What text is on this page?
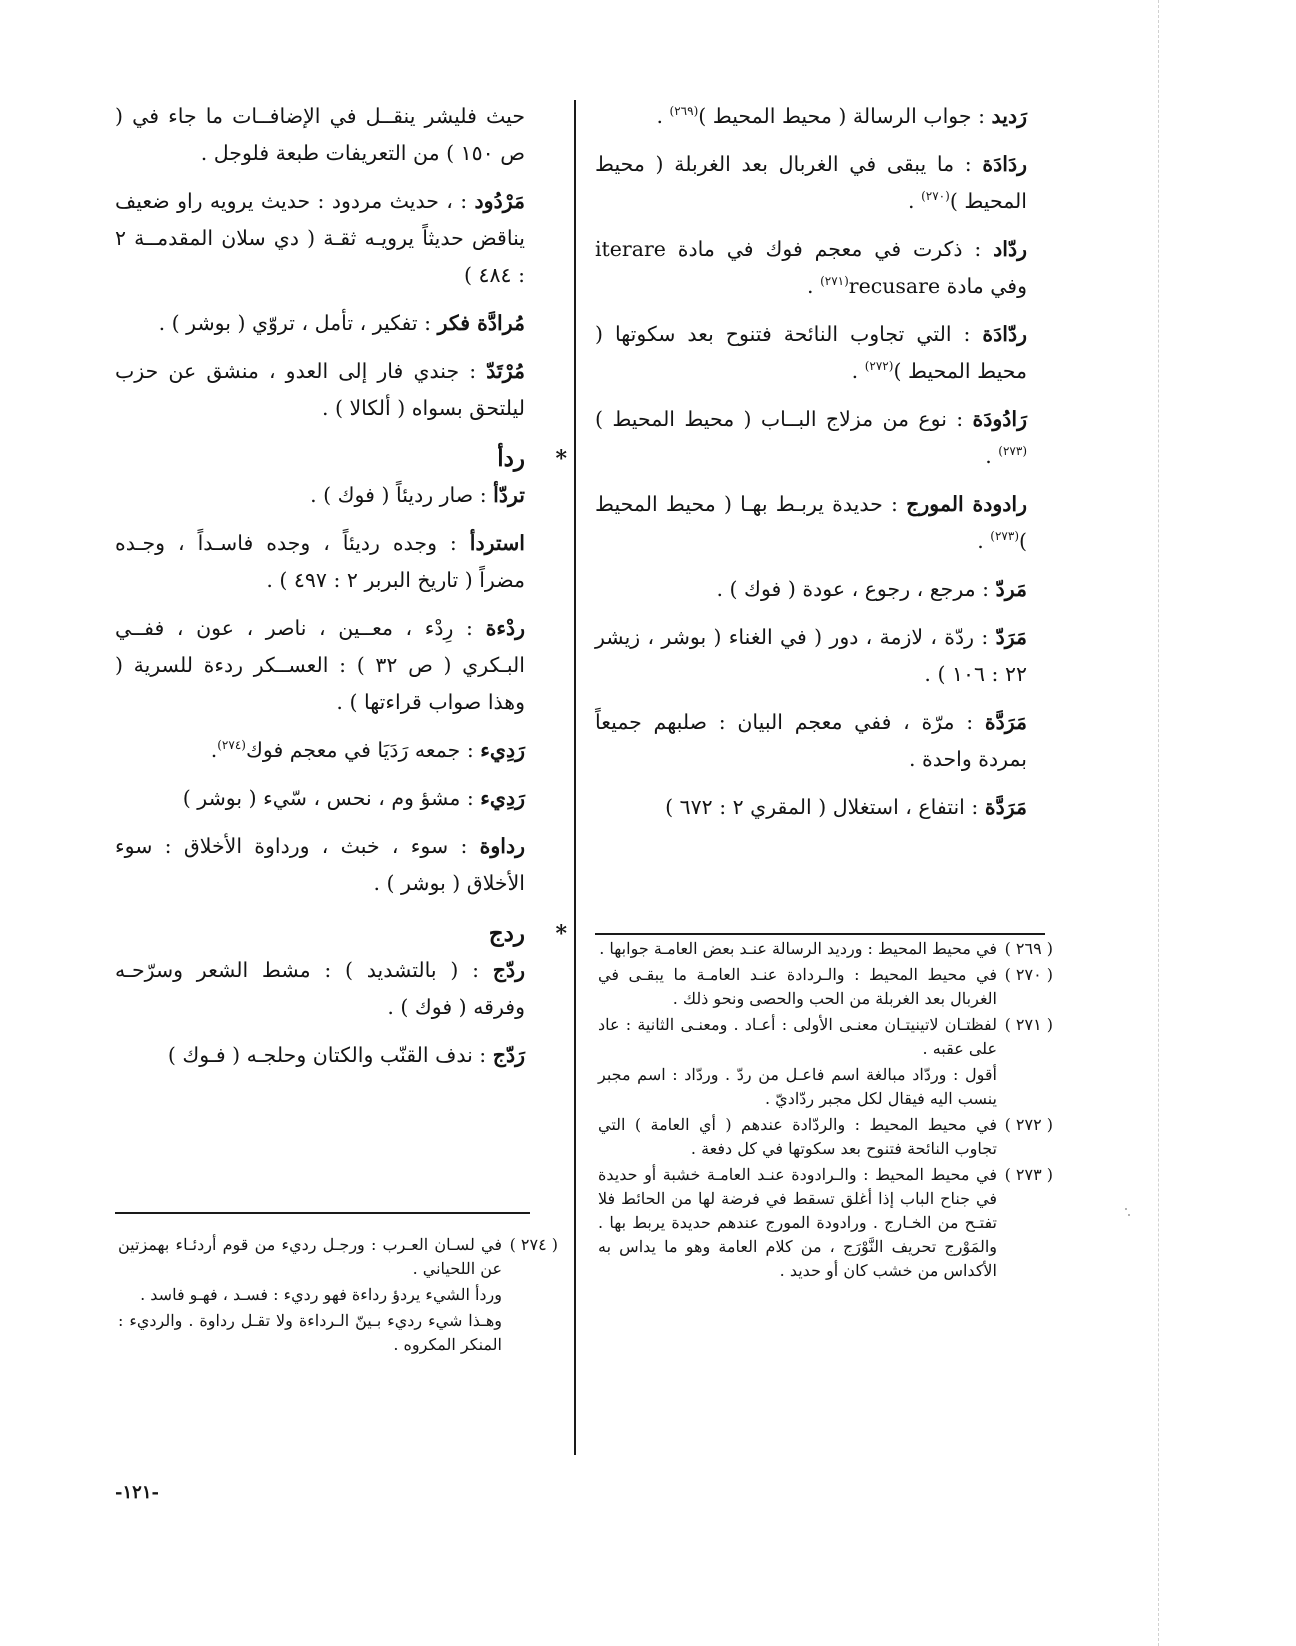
رَديد : جواب الرسالة ( محيط المحيط )$^{(٢٦٩)}$ .

ردَادَة : ما يبقى في الغربال بعد الغربلة ( محيط المحيط )$^{(٢٧٠)}$ .

ردّاد : ذكرت في معجم فوك في مادة iterare وفي مادة recusare$^{(٢٧١)}$ .

ردّادَة : التي تجاوب النائحة فتنوح بعد سكوتها ( محيط المحيط )$^{(٢٧٢)}$ .

رَادُودَة : نوع من مزلاج البــاب ( محيط المحيط )$^{(٢٧٣)}$ .

رادودة المورج : حديدة يربـط بهـا ( محيط المحيط )$^{(٢٧٣)}$ .

مَردّ : مرجع ، رجوع ، عودة ( فوك ) .

مَرَدّ : ردّة ، لازمة ، دور ( في الغناء ( بوشر ، زيشر ٢٢ : ١٠٦ ) .

مَرَدَّة : مرّة ، ففي معجم البيان : صلبهم جميعاً بمردة واحدة .

مَرَدَّة : انتفاع ، استغلال ( المقري ٢ : ٦٧٢ )

حيث فليشر ينقــل في الإضافــات ما جاء في ( ص ١٥٠ ) من التعريفات طبعة فلوجل .

مَرْدُود : ، حديث مردود : حديث يرويه راو ضعيف يناقض حديثاً يرويـه ثقـة ( دي سلان المقدمــة ٢ : ٤٨٤ )

مُرادَّة فكر : تفكير ، تأمل ، تروّي ( بوشر ) .

مُرْتَدّ : جندي فار إلى العدو ، منشق عن حزب ليلتحق بسواه ( ألكالا ) .

*
ردأ

تردّأ : صار رديئاً ( فوك ) .

استردأ : وجده رديئاً ، وجده فاسـداً ، وجـده مضراً ( تاريخ البربر ٢ : ٤٩٧ ) .

ردْءة : رِدْء ، معــين ، ناصر ، عون ، ففــي البـكري ( ص ٣٢ ) : العســكر ردءة للسرية ( وهذا صواب قراءتها ) .

رَدِيء : جمعه رَدَيَا في معجم فوك$^{(٢٧٤)}$.

رَدِيء : مشؤ وم ، نحس ، سّيء ( بوشر )

رداوة : سوء ، خبث ، ورداوة الأخلاق : سوء الأخلاق ( بوشر ) .

*
ردج

ردّج : ( بالتشديد ) : مشط الشعر وسرّحـه وفرقه ( فوك ) .

رَدّج : ندف القنّب والكتان وحلجـه ( فـوك )

( ٢٦٩ )
في محيط المحيط : ورديد الرسالة عنـد بعض العامـة جوابها .
( ٢٧٠ )
في محيط المحيط : والـردادة عنـد العامـة ما يبقـى في الغربال بعد الغربلة من الحب والحصى ونحو ذلك .
( ٢٧١ )
لفظتـان لاتينيتـان معنـى الأولى : أعـاد . ومعنـى الثانية : عاد على عقبه .
أقول : وردّاد مبالغة اسم فاعـل من ردّ . وردّاد : اسم مجبر ينسب اليه فيقال لكل مجبر ردّاديّ .
( ٢٧٢ )
في محيط المحيط : والردّادة عندهم ( أي العامة ) التي تجاوب النائحة فتنوح بعد سكوتها في كل دفعة .
( ٢٧٣ )
في محيط المحيط : والـرادودة عنـد العامـة خشبة أو حديدة في جناح الباب إذا أغلق تسقط في فرضة لها من الحائط فلا تفتـح من الخـارج . ورادودة المورج عندهم حديدة يربط بها . والمَوْرج تحريف النَّوْرَج ، من كلام العامة وهو ما يداس به الأكداس من خشب كان أو حديد .
( ٢٧٤ )
في لسـان العـرب : ورجـل رديء من قوم أردئـاء بهمزتين عن اللحياني .
وردأ الشيء يردؤ رداءة فهو رديء : فسـد ، فهـو فاسد .
وهـذا شيء رديء بـينّ الـرداءة ولا تقـل رداوة . والرديء : المنكر المكروه .
-١٢١-
